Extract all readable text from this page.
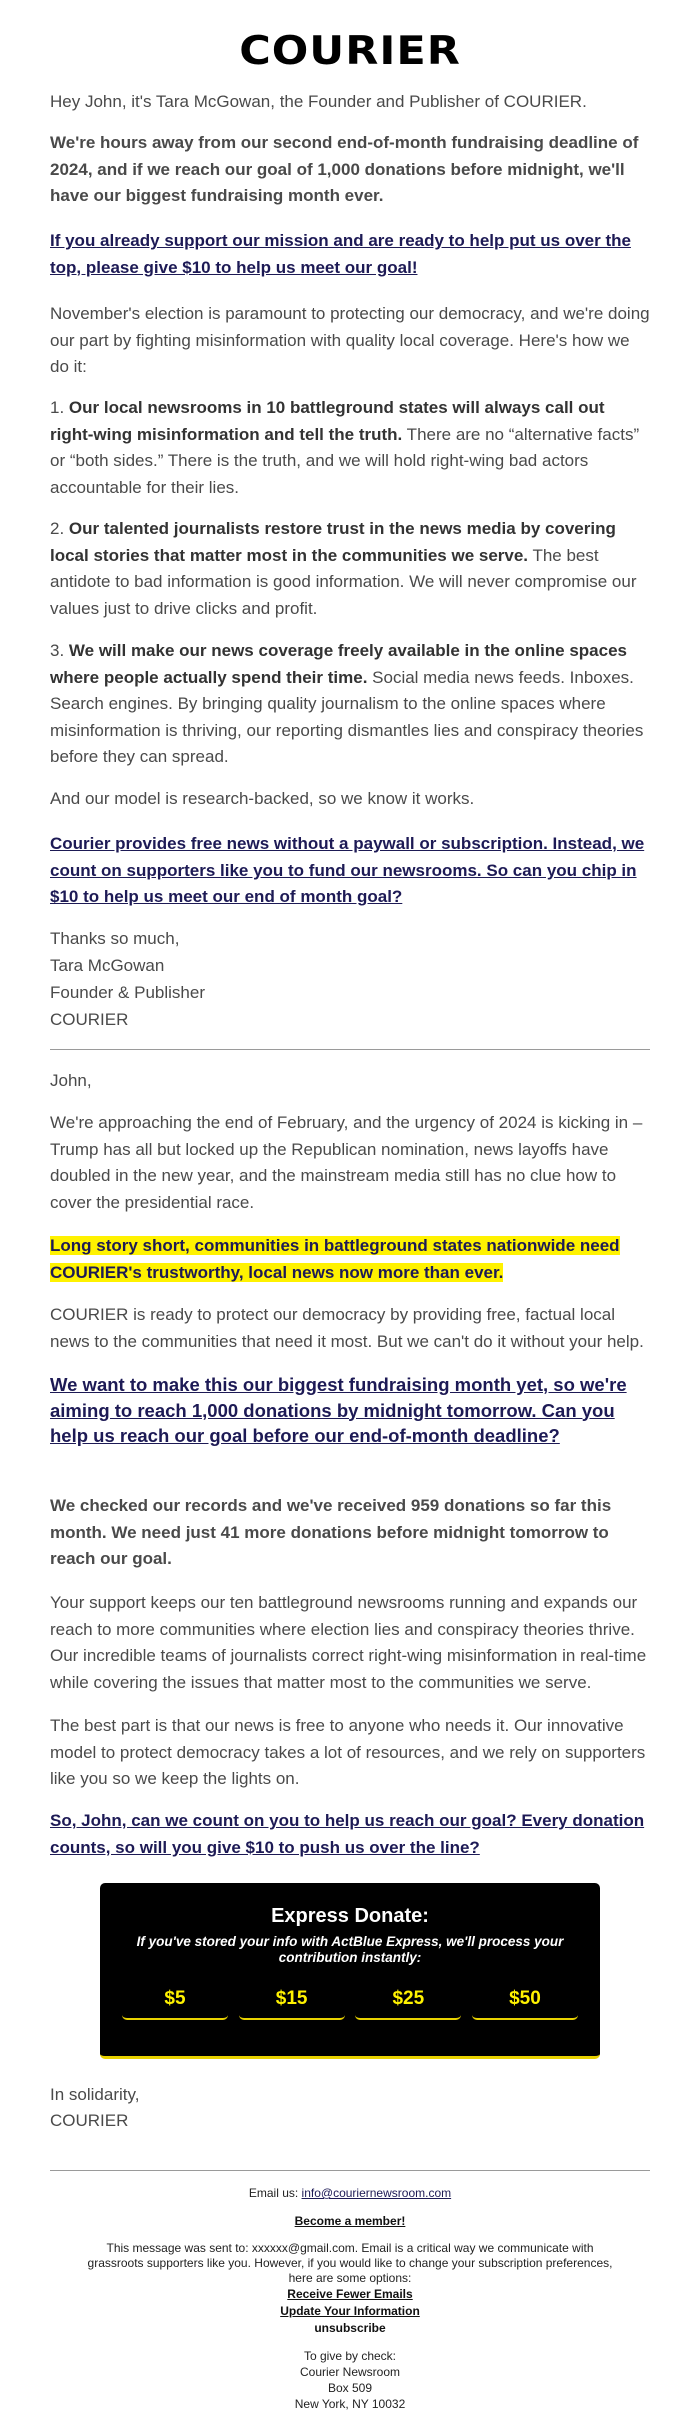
COURIER

Hey John, it's Tara McGowan, the Founder and Publisher of COURIER.

We're hours away from our second end-of-month fundraising deadline of 2024, and if we reach our goal of 1,000 donations before midnight, we'll have our biggest fundraising month ever.

If you already support our mission and are ready to help put us over the top, please give $10 to help us meet our goal!

November's election is paramount to protecting our democracy, and we're doing our part by fighting misinformation with quality local coverage. Here's how we do it:

1. Our local newsrooms in 10 battleground states will always call out right-wing misinformation and tell the truth. There are no “alternative facts” or “both sides.” There is the truth, and we will hold right-wing bad actors accountable for their lies.

2. Our talented journalists restore trust in the news media by covering local stories that matter most in the communities we serve. The best antidote to bad information is good information. We will never compromise our values just to drive clicks and profit.

3. We will make our news coverage freely available in the online spaces where people actually spend their time. Social media news feeds. Inboxes. Search engines. By bringing quality journalism to the online spaces where misinformation is thriving, our reporting dismantles lies and conspiracy theories before they can spread.

And our model is research-backed, so we know it works.

Courier provides free news without a paywall or subscription. Instead, we count on supporters like you to fund our newsrooms. So can you chip in $10 to help us meet our end of month goal?

Thanks so much,

Tara McGowan

Founder & Publisher

COURIER

John,

We're approaching the end of February, and the urgency of 2024 is kicking in – Trump has all but locked up the Republican nomination, news layoffs have doubled in the new year, and the mainstream media still has no clue how to cover the presidential race.

Long story short, communities in battleground states nationwide need COURIER's trustworthy, local news now more than ever.

COURIER is ready to protect our democracy by providing free, factual local news to the communities that need it most. But we can't do it without your help.

We want to make this our biggest fundraising month yet, so we're aiming to reach 1,000 donations by midnight tomorrow. Can you help us reach our goal before our end-of-month deadline?

We checked our records and we've received 959 donations so far this month. We need just 41 more donations before midnight tomorrow to reach our goal.

Your support keeps our ten battleground newsrooms running and expands our reach to more communities where election lies and conspiracy theories thrive. Our incredible teams of journalists correct right-wing misinformation in real-time while covering the issues that matter most to the communities we serve.

The best part is that our news is free to anyone who needs it. Our innovative model to protect democracy takes a lot of resources, and we rely on supporters like you so we keep the lights on.

So, John, can we count on you to help us reach our goal? Every donation counts, so will you give $10 to push us over the line?

Express Donate:
If you've stored your info with ActBlue Express, we'll process your contribution instantly:
$5	$15	$25	$50

In solidarity,

COURIER

Email us: info@couriernewsroom.com
Become a member!
This message was sent to: xxxxxx@gmail.com. Email is a critical way we communicate with grassroots supporters like you. However, if you would like to change your subscription preferences, here are some options:
Receive Fewer Emails
Update Your Information
unsubscribe
To give by check:
Courier Newsroom
Box 509
New York, NY 10032
